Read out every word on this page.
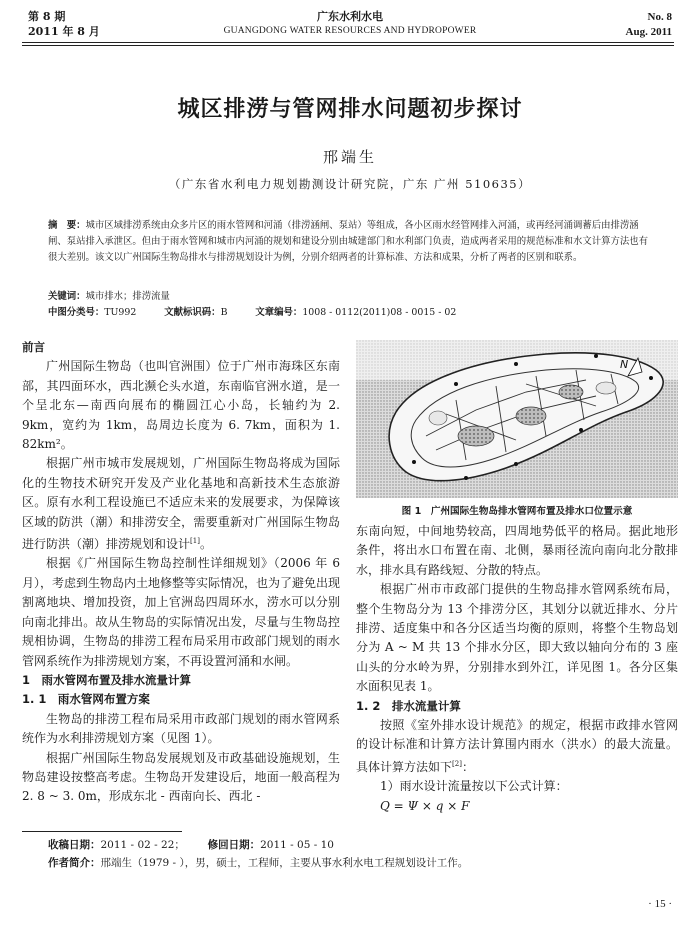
第 8 期
2011 年 8 月
广东水利水电
GUANGDONG WATER RESOURCES AND HYDROPOWER
No. 8
Aug. 2011
城区排涝与管网排水问题初步探讨
邢端生
（广东省水利电力规划勘测设计研究院，广东 广州 510635）
摘　要：城市区域排涝系统由众多片区的雨水管网和河涌（排涝涵闸、泵站）等组成，各小区雨水经管网排入河涌，或再经河涌调蓄后由排涝涵闸、泵站排入承泄区。但由于雨水管网和城市内河涌的规划和建设分别由城建部门和水利部门负责，造成两者采用的规范标准和水文计算方法也有很大差别。该文以广州国际生物岛排水与排涝规划设计为例，分别介绍两者的计算标准、方法和成果，分析了两者的区别和联系。
关键词：城市排水；排涝流量
中图分类号：TU992	文献标识码：B	文章编号：1008 - 0112(2011)08 - 0015 - 02
前言

广州国际生物岛（也叫官洲围）位于广州市海珠区东南部，其四面环水，西北濒仑头水道，东南临官洲水道，是一个呈北东—南西向展布的椭圆江心小岛，长轴约为 2. 9km，宽约为 1km，岛周边长度为 6. 7km，面积为 1. 82km²。

根据广州市城市发展规划，广州国际生物岛将成为国际化的生物技术研究开发及产业化基地和高新技术生态旅游区。原有水利工程设施已不适应未来的发展要求，为保障该区域的防洪（潮）和排涝安全，需要重新对广州国际生物岛进行防洪（潮）排涝规划和设计[1]。

根据《广州国际生物岛控制性详细规划》（2006 年 6 月），考虑到生物岛内土地修整等实际情况，也为了避免出现割离地块、增加投资，加上官洲岛四周环水，涝水可以分别向南北排出。故从生物岛的实际情况出发，尽量与生物岛控规相协调，生物岛的排涝工程布局采用市政部门规划的雨水管网系统作为排涝规划方案，不再设置河涌和水闸。

1　雨水管网布置及排水流量计算
1. 1　雨水管网布置方案

生物岛的排涝工程布局采用市政部门规划的雨水管网系统作为水利排涝规划方案（见图 1）。

根据广州国际生物岛发展规划及市政基础设施规划，生物岛建设按整高考虑。生物岛开发建设后，地面一般高程为 2. 8 ~ 3. 0m，形成东北 - 西南向长、西北 -

N
图 1　广州国际生物岛排水管网布置及排水口位置示意

东南向短，中间地势较高，四周地势低平的格局。据此地形条件，将出水口布置在南、北侧，暴雨径流向南向北分散排水，排水具有路线短、分散的特点。

根据广州市市政部门提供的生物岛排水管网系统布局，整个生物岛分为 13 个排涝分区，其划分以就近排水、分片排涝、适度集中和各分区适当均衡的原则，将整个生物岛划分为 A ~ M 共 13 个排水分区，即大致以轴向分布的 3 座山头的分水岭为界，分别排水到外江，详见图 1。各分区集水面积见表 1。

1. 2　排水流量计算

按照《室外排水设计规范》的规定，根据市政排水管网的设计标准和计算方法计算围内雨水（洪水）的最大流量。具体计算方法如下[2]：

1）雨水设计流量按以下公式计算：

Q = Ψ × q × F

收稿日期：2011 - 02 - 22； 修回日期：2011 - 05 - 10
作者简介：邢端生（1979 - ），男，硕士，工程师，主要从事水利水电工程规划设计工作。
· 15 ·
